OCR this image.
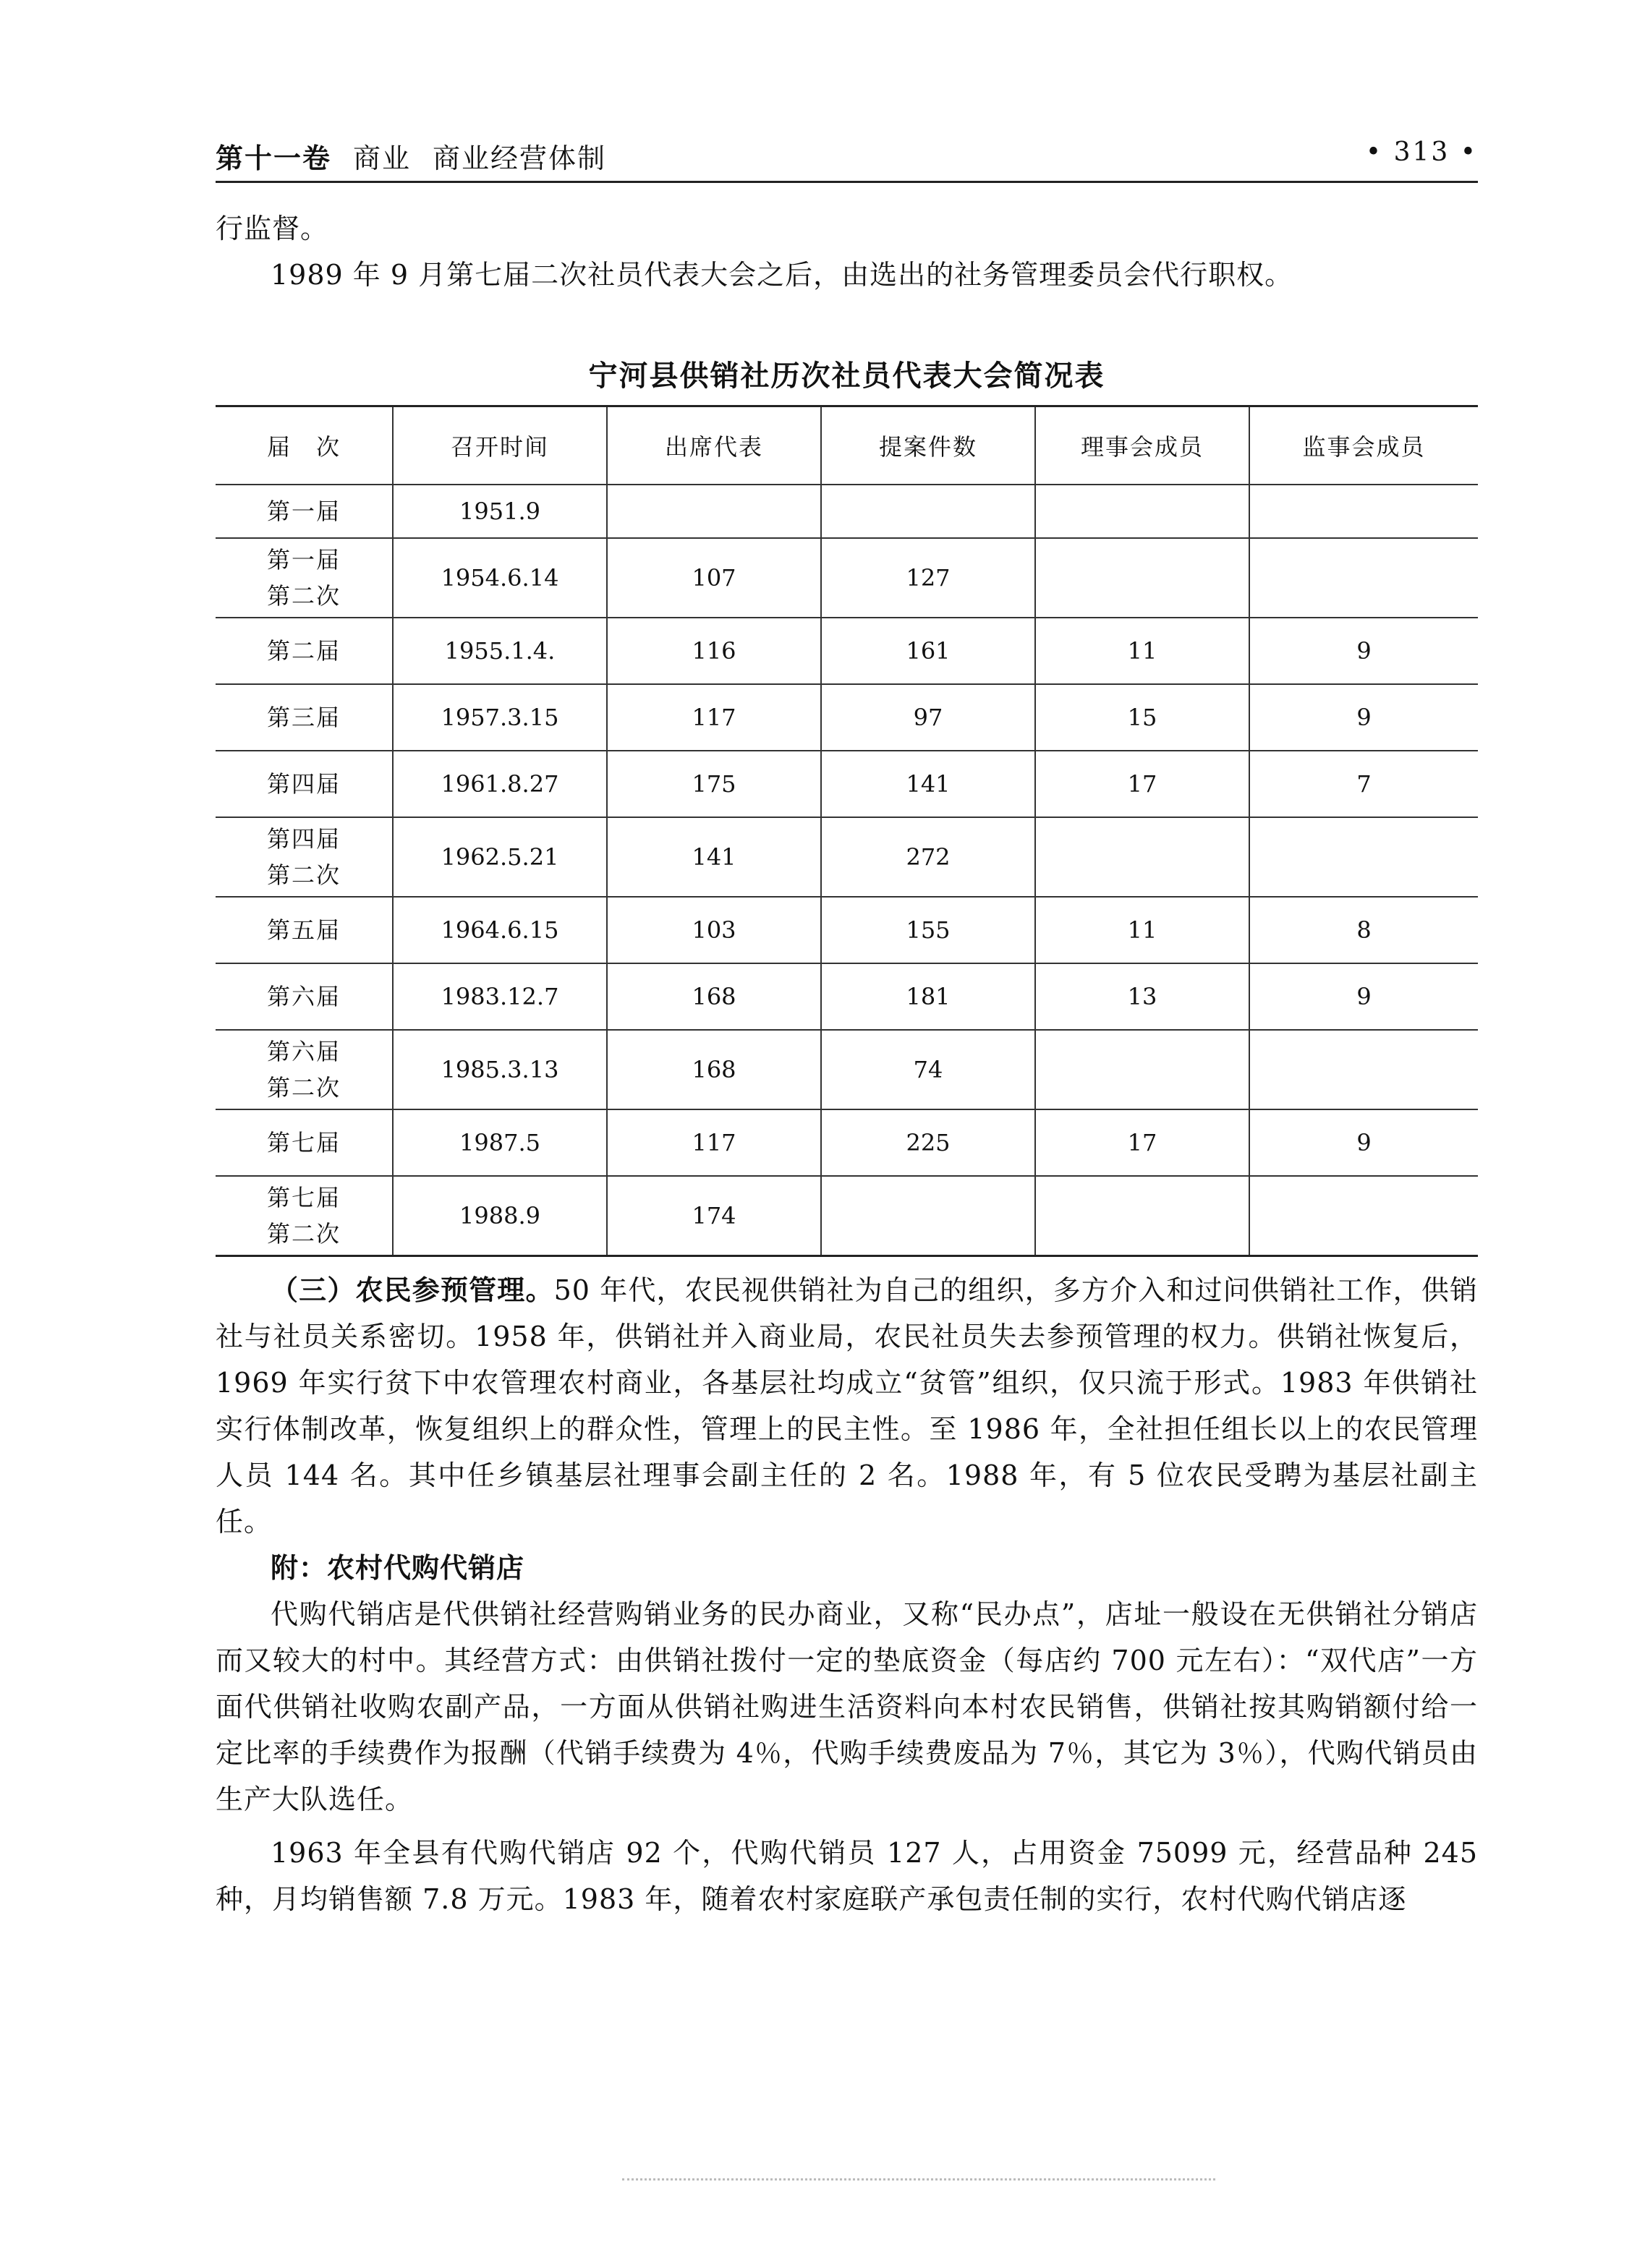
第十一卷 商业 商业经营体制	• 313 •
行监督。
1989 年 9 月第七届二次社员代表大会之后，由选出的社务管理委员会代行职权。
宁河县供销社历次社员代表大会简况表
届　次	召开时间	出席代表	提案件数	理事会成员	监事会成员

第一届	1951.9				

第一届
第二次	1954.6.14	107	127		

第二届	1955.1.4.	116	161	11	9

第三届	1957.3.15	117	97	15	9

第四届	1961.8.27	175	141	17	7

第四届
第二次	1962.5.21	141	272		

第五届	1964.6.15	103	155	11	8

第六届	1983.12.7	168	181	13	9

第六届
第二次	1985.3.13	168	74		

第七届	1987.5	117	225	17	9

第七届
第二次	1988.9	174			
（三）农民参预管理。50 年代，农民视供销社为自己的组织，多方介入和过问供销社工作，供销社与社员关系密切。1958 年，供销社并入商业局，农民社员失去参预管理的权力。供销社恢复后，1969 年实行贫下中农管理农村商业，各基层社均成立“贫管”组织，仅只流于形式。1983 年供销社实行体制改革，恢复组织上的群众性，管理上的民主性。至 1986 年，全社担任组长以上的农民管理人员 144 名。其中任乡镇基层社理事会副主任的 2 名。1988 年，有 5 位农民受聘为基层社副主任。
附：农村代购代销店
代购代销店是代供销社经营购销业务的民办商业，又称“民办点”，店址一般设在无供销社分销店而又较大的村中。其经营方式：由供销社拨付一定的垫底资金（每店约 700 元左右）：“双代店”一方面代供销社收购农副产品，一方面从供销社购进生活资料向本村农民销售，供销社按其购销额付给一定比率的手续费作为报酬（代销手续费为 4％，代购手续费废品为 7％，其它为 3％），代购代销员由生产大队选任。
1963 年全县有代购代销店 92 个，代购代销员 127 人，占用资金 75099 元，经营品种 245 种，月均销售额 7.8 万元。1983 年，随着农村家庭联产承包责任制的实行，农村代购代销店逐
